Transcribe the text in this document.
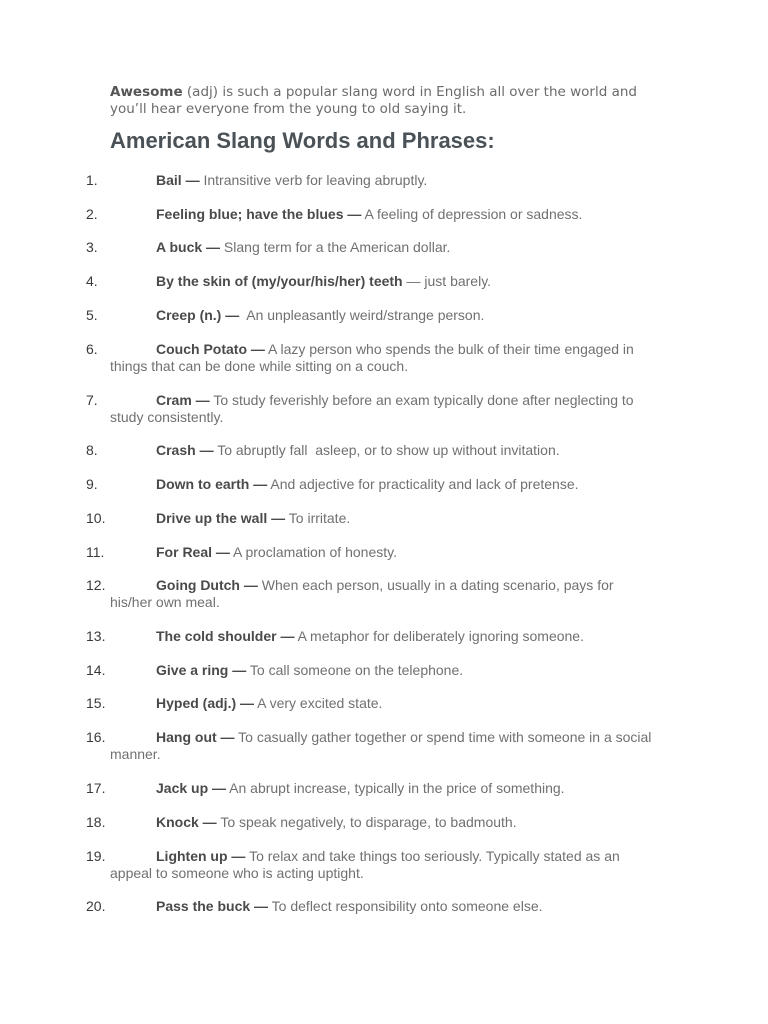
Awesome (adj) is such a popular slang word in English all over the world and you’ll hear everyone from the young to old saying it.

American Slang Words and Phrases:
1.	Bail — Intransitive verb for leaving abruptly.
2.	Feeling blue; have the blues — A feeling of depression or sadness.
3.	A buck — Slang term for a the American dollar.
4.	By the skin of (my/your/his/her) teeth — just barely.
5.	Creep (n.) —  An unpleasantly weird/strange person.
6.	Couch Potato — A lazy person who spends the bulk of their time engaged in things that can be done while sitting on a couch.
7.	Cram — To study feverishly before an exam typically done after neglecting to study consistently.
8.	Crash — To abruptly fall  asleep, or to show up without invitation.
9.	Down to earth — And adjective for practicality and lack of pretense.
10.	Drive up the wall — To irritate.
11.	For Real — A proclamation of honesty.
12.	Going Dutch — When each person, usually in a dating scenario, pays for his/her own meal.
13.	The cold shoulder — A metaphor for deliberately ignoring someone.
14.	Give a ring — To call someone on the telephone.
15.	Hyped (adj.) — A very excited state.
16.	Hang out — To casually gather together or spend time with someone in a social manner.
17.	Jack up — An abrupt increase, typically in the price of something.
18.	Knock — To speak negatively, to disparage, to badmouth.
19.	Lighten up — To relax and take things too seriously. Typically stated as an appeal to someone who is acting uptight.
20.	Pass the buck — To deflect responsibility onto someone else.
